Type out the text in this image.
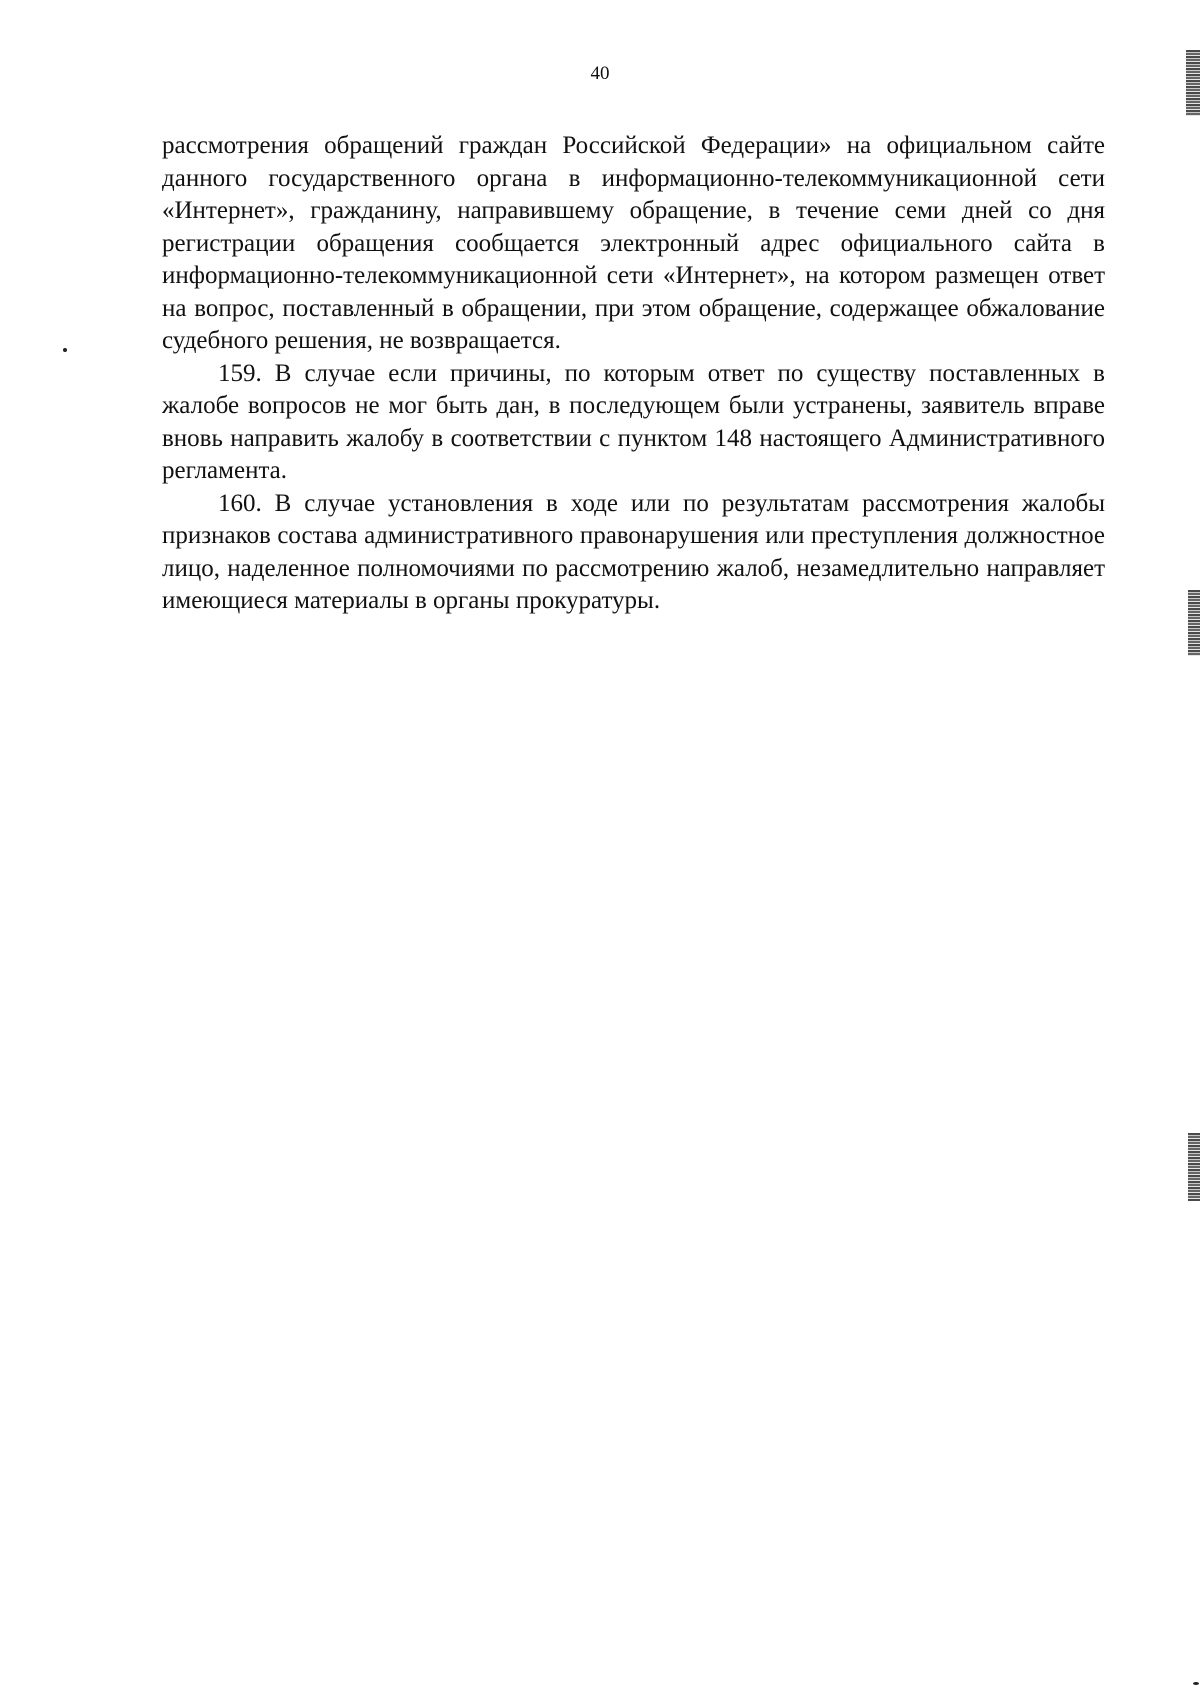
40

рассмотрения обращений граждан Российской Федерации» на официальном сайте данного государственного органа в информационно-телекоммуникационной сети «Интернет», гражданину, направившему обращение, в течение семи дней со дня регистрации обращения сообщается электронный адрес официального сайта в информационно-телекоммуникационной сети «Интернет», на котором размещен ответ на вопрос, поставленный в обращении, при этом обращение, содержащее обжалование судебного решения, не возвращается.

159. В случае если причины, по которым ответ по существу поставленных в жалобе вопросов не мог быть дан, в последующем были устранены, заявитель вправе вновь направить жалобу в соответствии с пунктом 148 настоящего Административного регламента.

160. В случае установления в ходе или по результатам рассмотрения жалобы признаков состава административного правонарушения или преступления должностное лицо, наделенное полномочиями по рассмотрению жалоб, незамедлительно направляет имеющиеся материалы в органы прокуратуры.
